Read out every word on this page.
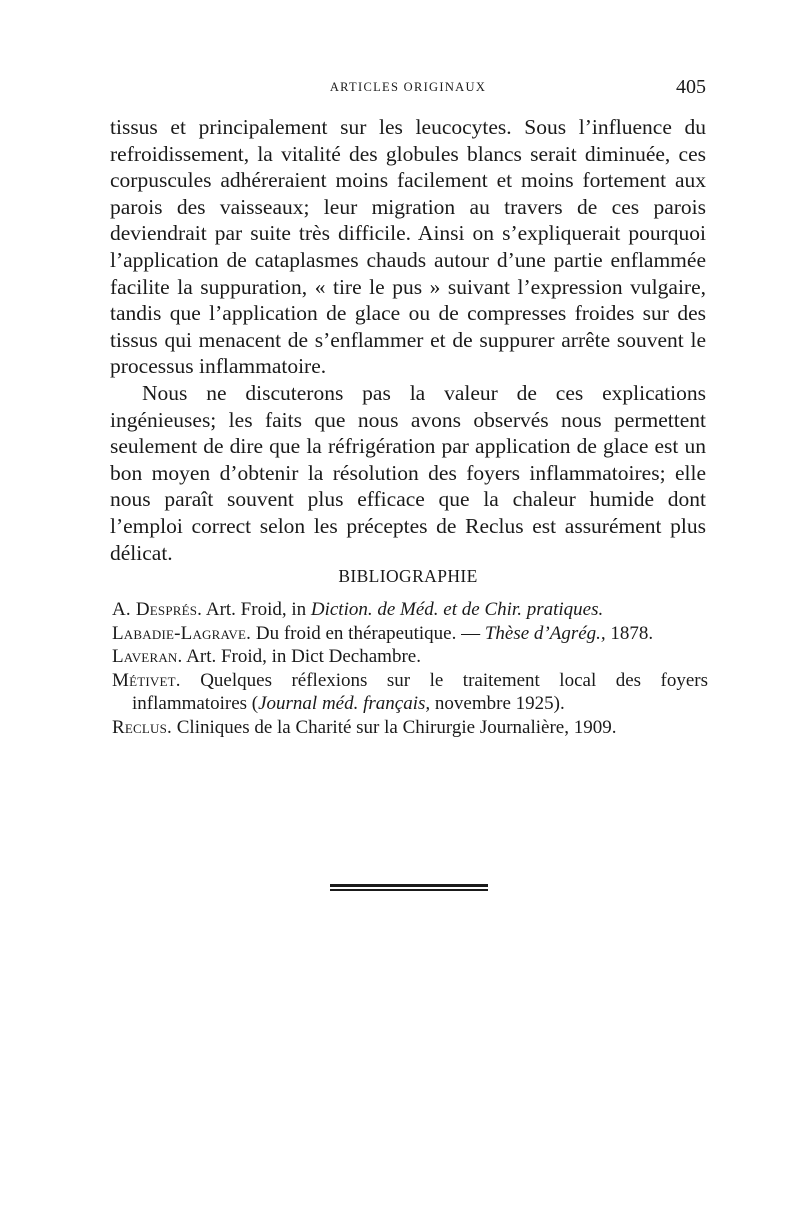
ARTICLES ORIGINAUX	405

tissus et principalement sur les leucocytes. Sous l’influence du refroidissement, la vitalité des globules blancs serait diminuée, ces corpuscules adhéreraient moins facilement et moins fortement aux parois des vaisseaux; leur migration au travers de ces parois deviendrait par suite très difficile. Ainsi on s’expliquerait pourquoi l’application de cataplasmes chauds autour d’une partie enflammée facilite la suppuration, « tire le pus » suivant l’expression vulgaire, tandis que l’application de glace ou de compresses froides sur des tissus qui menacent de s’enflammer et de suppurer arrête souvent le processus inflammatoire.

Nous ne discuterons pas la valeur de ces explications ingénieuses; les faits que nous avons observés nous permettent seulement de dire que la réfrigération par application de glace est un bon moyen d’obtenir la résolution des foyers inflammatoires; elle nous paraît souvent plus efficace que la chaleur humide dont l’emploi correct selon les préceptes de Reclus est assurément plus délicat.

BIBLIOGRAPHIE

A. Després. Art. Froid, in Diction. de Méd. et de Chir. pratiques.

Labadie-Lagrave. Du froid en thérapeutique. — Thèse d’Agrég., 1878.

Laveran. Art. Froid, in Dict Dechambre.

Métivet. Quelques réflexions sur le traitement local des foyers inflammatoires (Journal méd. français, novembre 1925).

Reclus. Cliniques de la Charité sur la Chirurgie Journalière, 1909.
